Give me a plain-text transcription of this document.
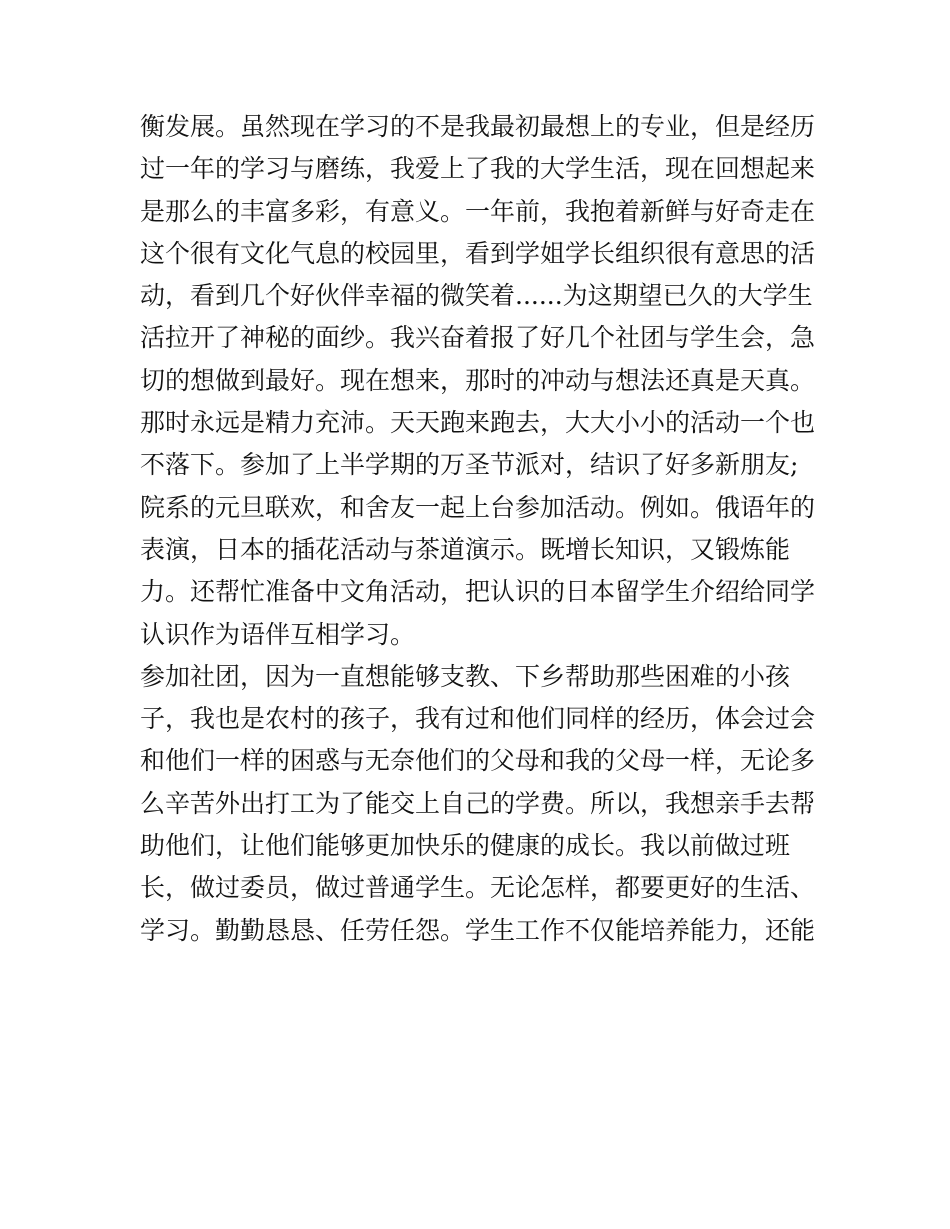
衡发展。虽然现在学习的不是我最初最想上的专业，但是经历
过一年的学习与磨练，我爱上了我的大学生活，现在回想起来
是那么的丰富多彩，有意义。一年前，我抱着新鲜与好奇走在
这个很有文化气息的校园里，看到学姐学长组织很有意思的活
动，看到几个好伙伴幸福的微笑着......为这期望已久的大学生
活拉开了神秘的面纱。我兴奋着报了好几个社团与学生会，急
切的想做到最好。现在想来，那时的冲动与想法还真是天真。
那时永远是精力充沛。天天跑来跑去，大大小小的活动一个也
不落下。参加了上半学期的万圣节派对，结识了好多新朋友;
院系的元旦联欢，和舍友一起上台参加活动。例如。俄语年的
表演，日本的插花活动与茶道演示。既增长知识，又锻炼能
力。还帮忙准备中文角活动，把认识的日本留学生介绍给同学
认识作为语伴互相学习。
参加社团，因为一直想能够支教、下乡帮助那些困难的小孩
子，我也是农村的孩子，我有过和他们同样的经历，体会过会
和他们一样的困惑与无奈他们的父母和我的父母一样，无论多
么辛苦外出打工为了能交上自己的学费。所以，我想亲手去帮
助他们，让他们能够更加快乐的健康的成长。我以前做过班
长，做过委员，做过普通学生。无论怎样，都要更好的生活、
学习。勤勤恳恳、任劳任怨。学生工作不仅能培养能力，还能
